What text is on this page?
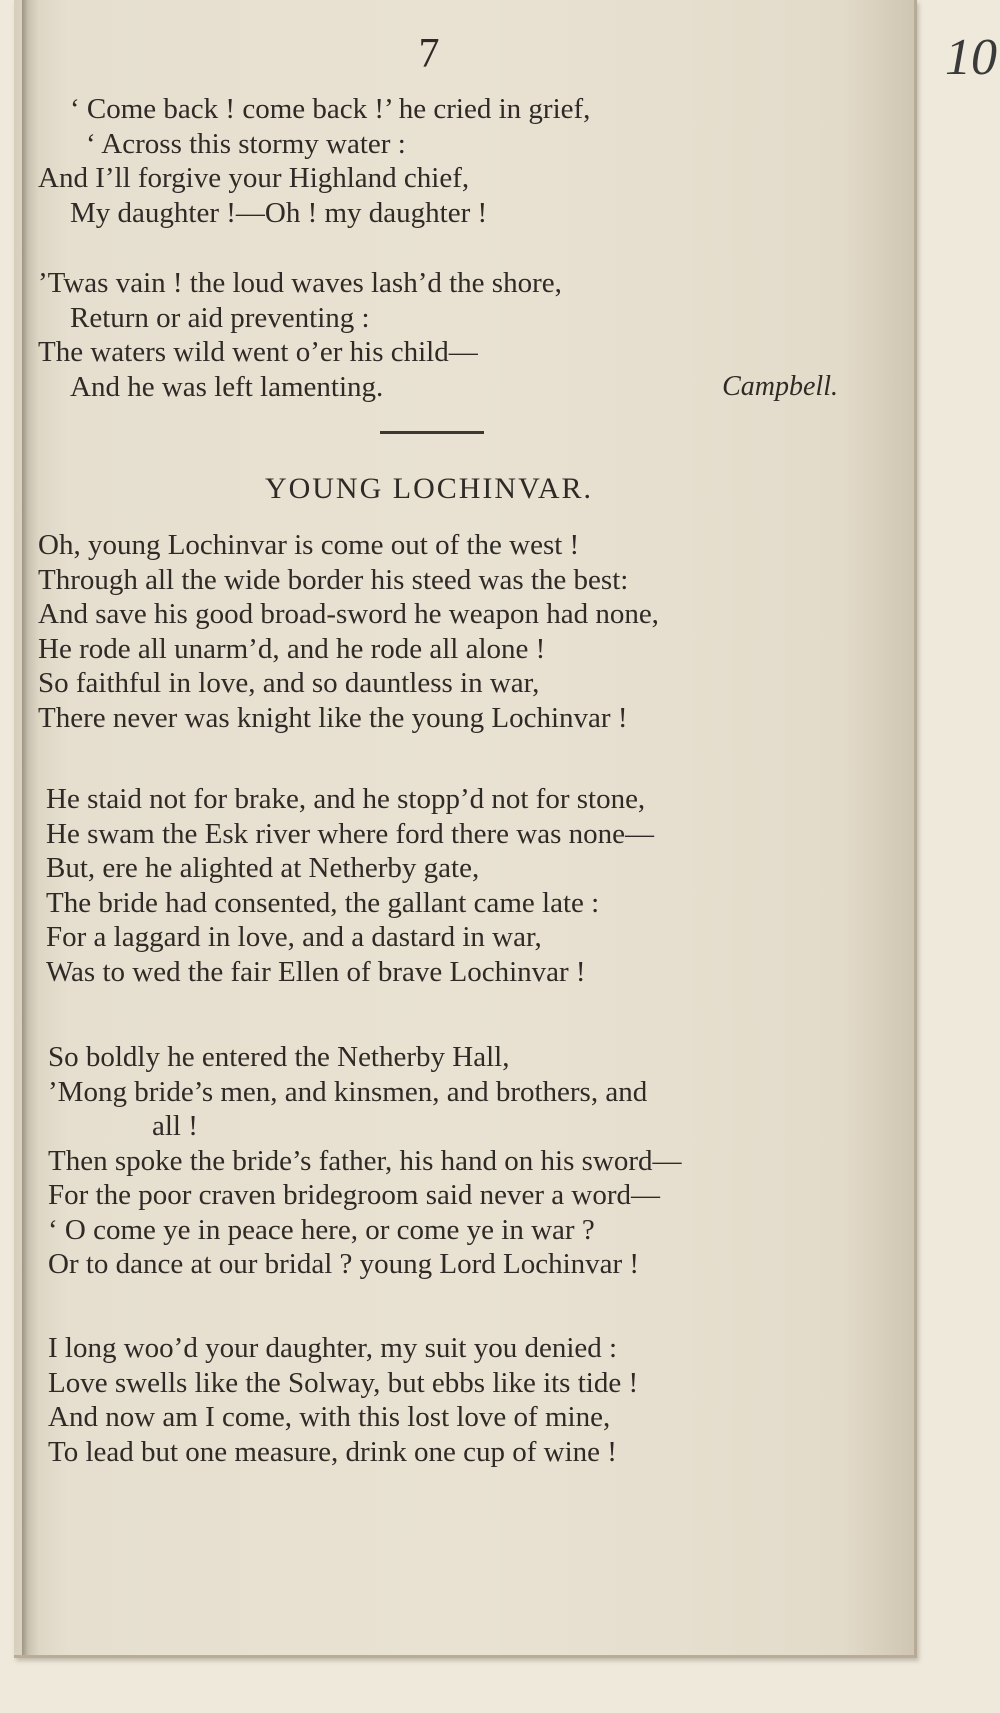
10
7
‘ Come back ! come back !’ he cried in grief,
‘ Across this stormy water :
And I’ll forgive your Highland chief,
My daughter !—Oh ! my daughter !
’Twas vain ! the loud waves lash’d the shore,
Return or aid preventing :
The waters wild went o’er his child—
And he was left lamenting.	Campbell.
YOUNG LOCHINVAR.
Oh, young Lochinvar is come out of the west !
Through all the wide border his steed was the best:
And save his good broad-sword he weapon had none,
He rode all unarm’d, and he rode all alone !
So faithful in love, and so dauntless in war,
There never was knight like the young Lochinvar !
He staid not for brake, and he stopp’d not for stone,
He swam the Esk river where ford there was none—
But, ere he alighted at Netherby gate,
The bride had consented, the gallant came late :
For a laggard in love, and a dastard in war,
Was to wed the fair Ellen of brave Lochinvar !
So boldly he entered the Netherby Hall,
’Mong bride’s men, and kinsmen, and brothers, and
all !
Then spoke the bride’s father, his hand on his sword—
For the poor craven bridegroom said never a word—
‘ O come ye in peace here, or come ye in war ?
Or to dance at our bridal ? young Lord Lochinvar !
I long woo’d your daughter, my suit you denied :
Love swells like the Solway, but ebbs like its tide !
And now am I come, with this lost love of mine,
To lead but one measure, drink one cup of wine !
